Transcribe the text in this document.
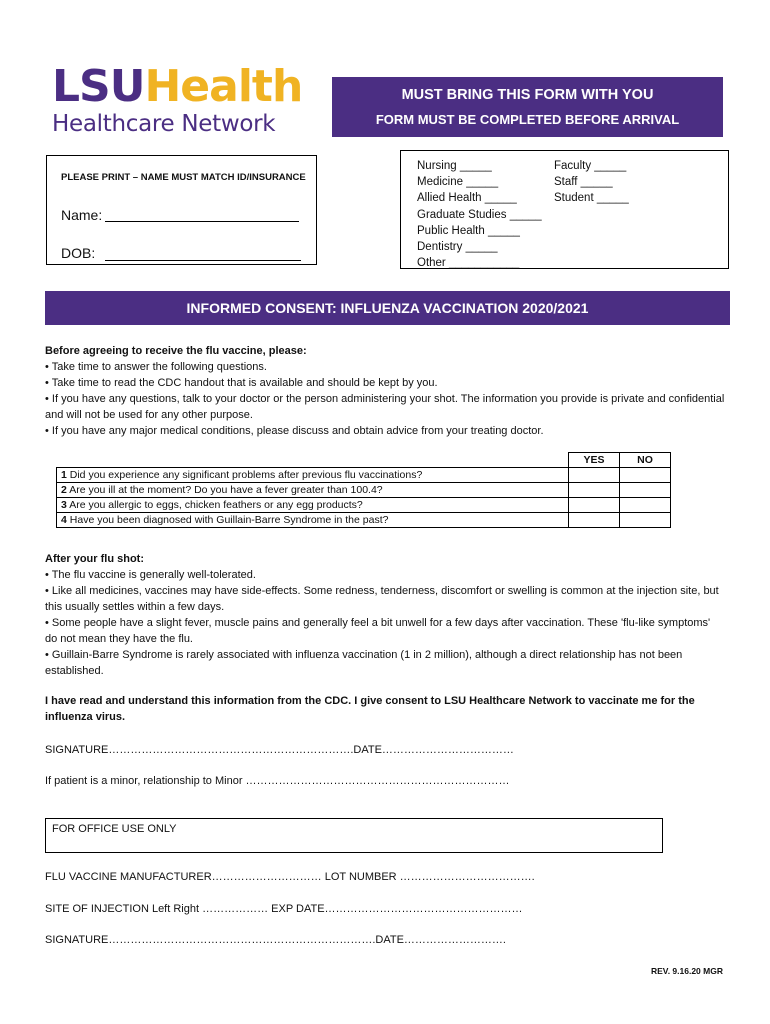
LSUHealth
Healthcare Network
MUST BRING THIS FORM WITH YOU
FORM MUST BE COMPLETED BEFORE ARRIVAL
PLEASE PRINT – NAME MUST MATCH ID/INSURANCE
Name:
DOB:
Nursing _____
Medicine _____
Allied Health _____
Graduate Studies _____
Public Health _____
Dentistry _____
Other ___________
Faculty _____
Staff _____
Student _____
INFORMED CONSENT: INFLUENZA VACCINATION 2020/2021
Before agreeing to receive the flu vaccine, please:
• Take time to answer the following questions.
• Take time to read the CDC handout that is available and should be kept by you.
• If you have any questions, talk to your doctor or the person administering your shot. The information you provide is private and confidential and will not be used for any other purpose.
• If you have any major medical conditions, please discuss and obtain advice from your treating doctor.
	YES	NO
1 Did you experience any significant problems after previous flu vaccinations?		
2 Are you ill at the moment? Do you have a fever greater than 100.4?		
3 Are you allergic to eggs, chicken feathers or any egg products?		
4 Have you been diagnosed with Guillain-Barre Syndrome in the past?		
After your flu shot:
• The flu vaccine is generally well-tolerated.
• Like all medicines, vaccines may have side-effects. Some redness, tenderness, discomfort or swelling is common at the injection site, but this usually settles within a few days.
• Some people have a slight fever, muscle pains and generally feel a bit unwell for a few days after vaccination. These 'flu-like symptoms' do not mean they have the flu.
• Guillain-Barre Syndrome is rarely associated with influenza vaccination (1 in 2 million), although a direct relationship has not been established.
I have read and understand this information from the CDC. I give consent to LSU Healthcare Network to vaccinate me for the influenza virus.
SIGNATURE………………………………………………………….DATE………………………………
If patient is a minor, relationship to Minor ………………………………………………………………
FOR OFFICE USE ONLY
FLU VACCINE MANUFACTURER………………………… LOT NUMBER ……………………………….
SITE OF INJECTION Left Right ……………… EXP DATE………………………………………………
SIGNATURE……………………………………………………………….DATE……………………….
REV. 9.16.20 MGR
